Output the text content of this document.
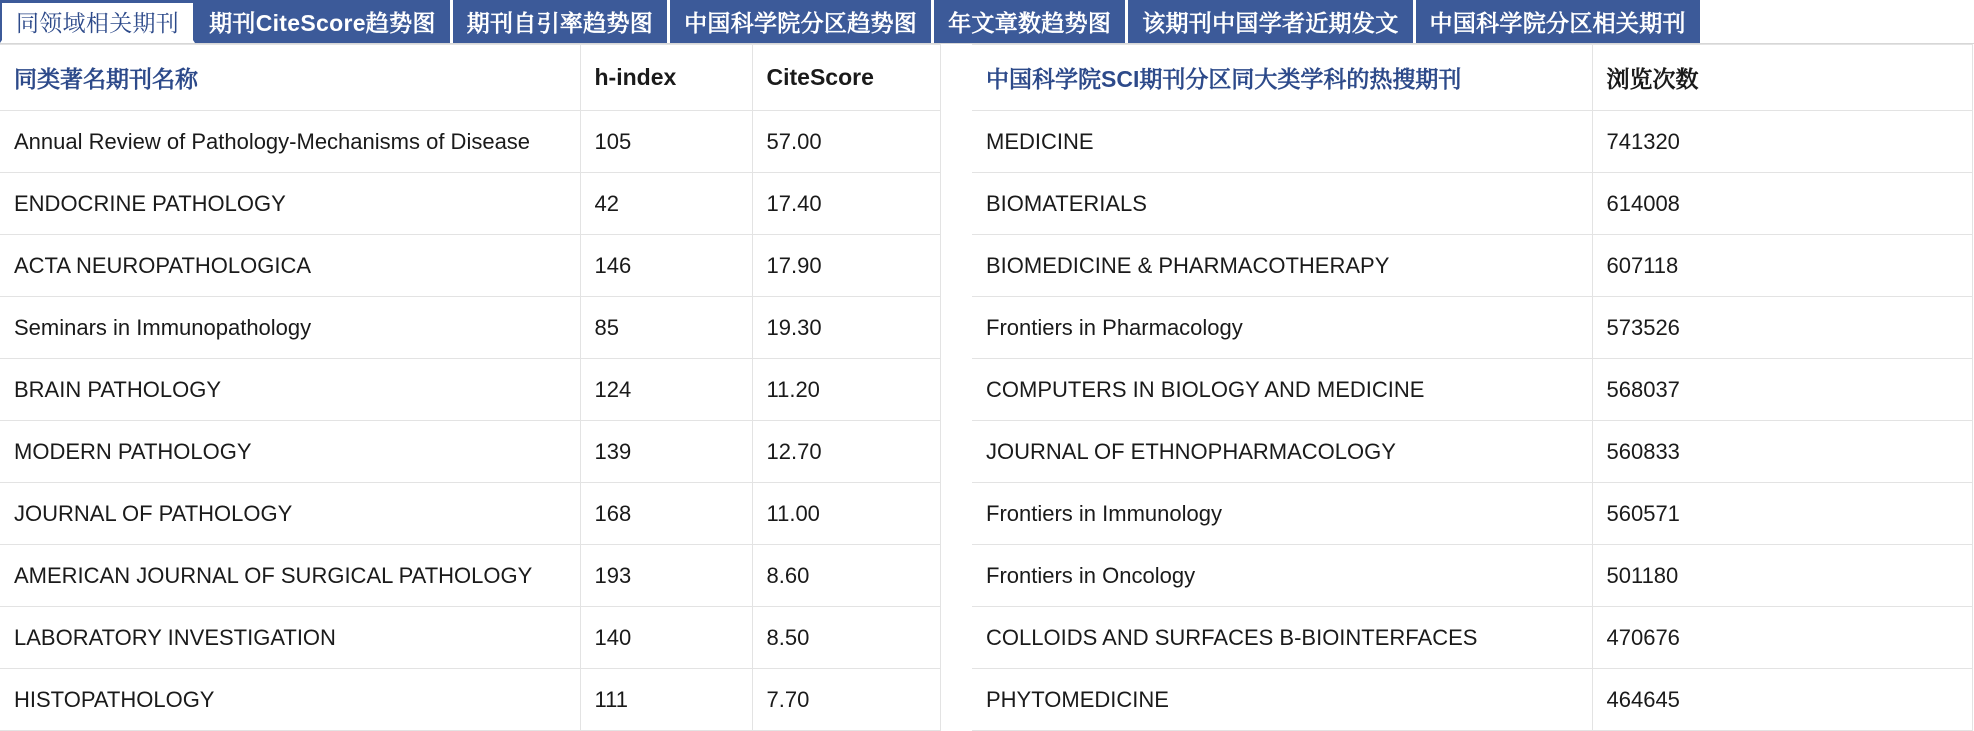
同领域相关期刊	期刊CiteScore趋势图	期刊自引率趋势图	中国科学院分区趋势图	年文章数趋势图	该期刊中国学者近期发文	中国科学院分区相关期刊
同类著名期刊名称	h-index	CiteScore
Annual Review of Pathology-Mechanisms of Disease	105	57.00
ENDOCRINE PATHOLOGY	42	17.40
ACTA NEUROPATHOLOGICA	146	17.90
Seminars in Immunopathology	85	19.30
BRAIN PATHOLOGY	124	11.20
MODERN PATHOLOGY	139	12.70
JOURNAL OF PATHOLOGY	168	11.00
AMERICAN JOURNAL OF SURGICAL PATHOLOGY	193	8.60
LABORATORY INVESTIGATION	140	8.50
HISTOPATHOLOGY	111	7.70
中国科学院SCI期刊分区同大类学科的热搜期刊	浏览次数
MEDICINE	741320
BIOMATERIALS	614008
BIOMEDICINE & PHARMACOTHERAPY	607118
Frontiers in Pharmacology	573526
COMPUTERS IN BIOLOGY AND MEDICINE	568037
JOURNAL OF ETHNOPHARMACOLOGY	560833
Frontiers in Immunology	560571
Frontiers in Oncology	501180
COLLOIDS AND SURFACES B-BIOINTERFACES	470676
PHYTOMEDICINE	464645
